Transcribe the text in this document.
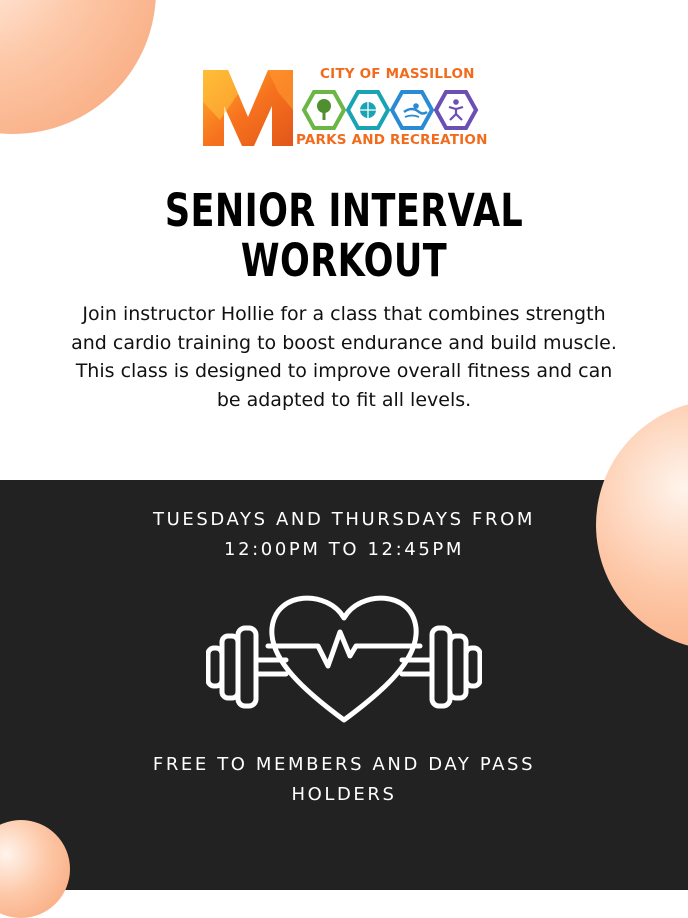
CITY OF MASSILLON
PARKS AND RECREATION
SENIOR INTERVAL
WORKOUT
Join instructor Hollie for a class that combines strength and cardio training to boost endurance and build muscle. This class is designed to improve overall fitness and can be adapted to fit all levels.
TUESDAYS AND THURSDAYS FROM
12:00PM TO 12:45PM
FREE TO MEMBERS AND DAY PASS
HOLDERS
